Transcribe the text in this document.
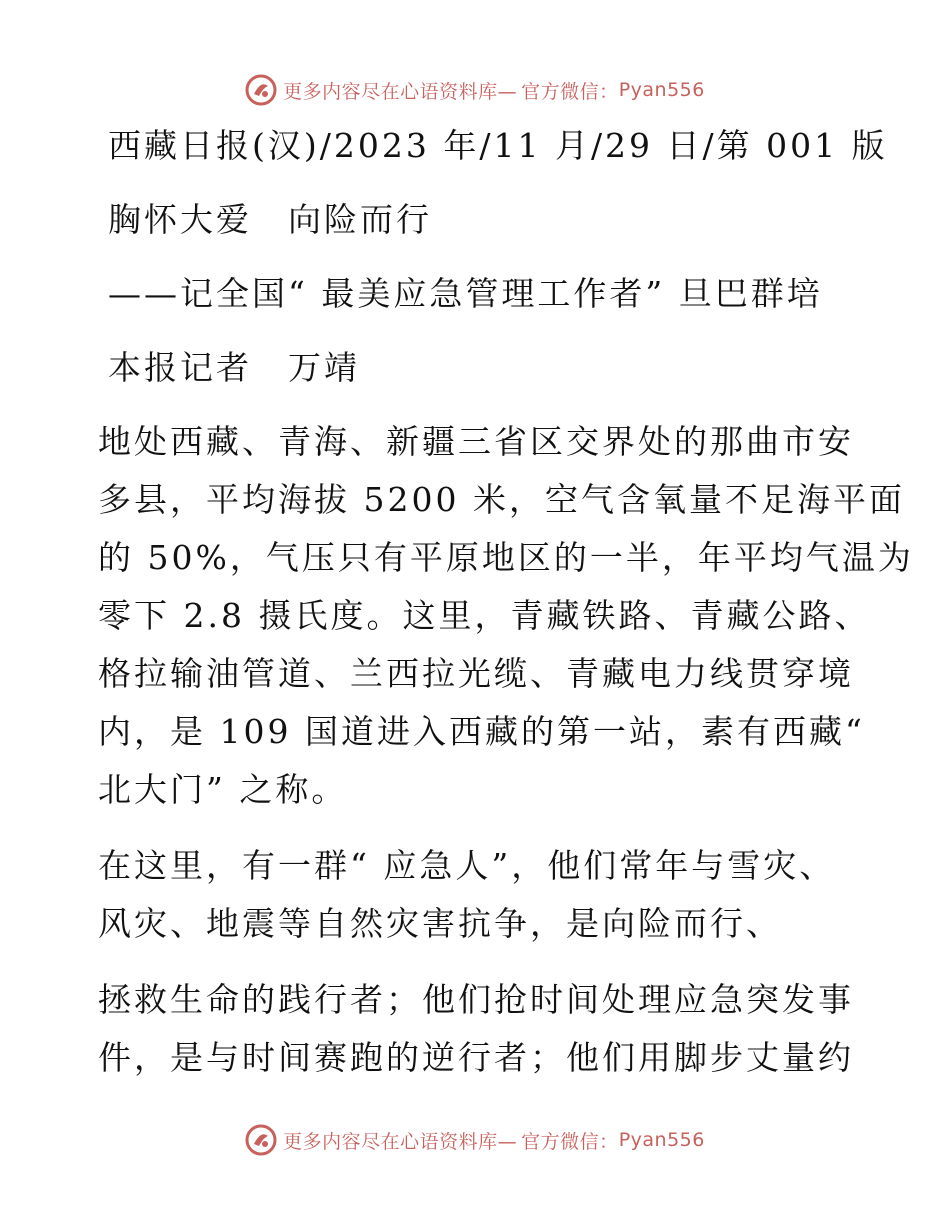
更多内容尽在心语资料库— 官方微信： Pyan556
西藏日报(汉)/2023 年/11 月/29 日/第 001 版
胸怀大爱　向险而行
——记全国“ 最美应急管理工作者” 旦巴群培
本报记者　万靖
地处西藏、青海、新疆三省区交界处的那曲市安
多县，平均海拔 5200 米，空气含氧量不足海平面
的 50%，气压只有平原地区的一半，年平均气温为
零下 2.8 摄氏度。这里，青藏铁路、青藏公路、
格拉输油管道、兰西拉光缆、青藏电力线贯穿境
内，是 109 国道进入西藏的第一站，素有西藏“
北大门” 之称。
在这里，有一群“ 应急人”，他们常年与雪灾、
风灾、地震等自然灾害抗争，是向险而行、
拯救生命的践行者；他们抢时间处理应急突发事
件，是与时间赛跑的逆行者；他们用脚步丈量约
更多内容尽在心语资料库— 官方微信： Pyan556
